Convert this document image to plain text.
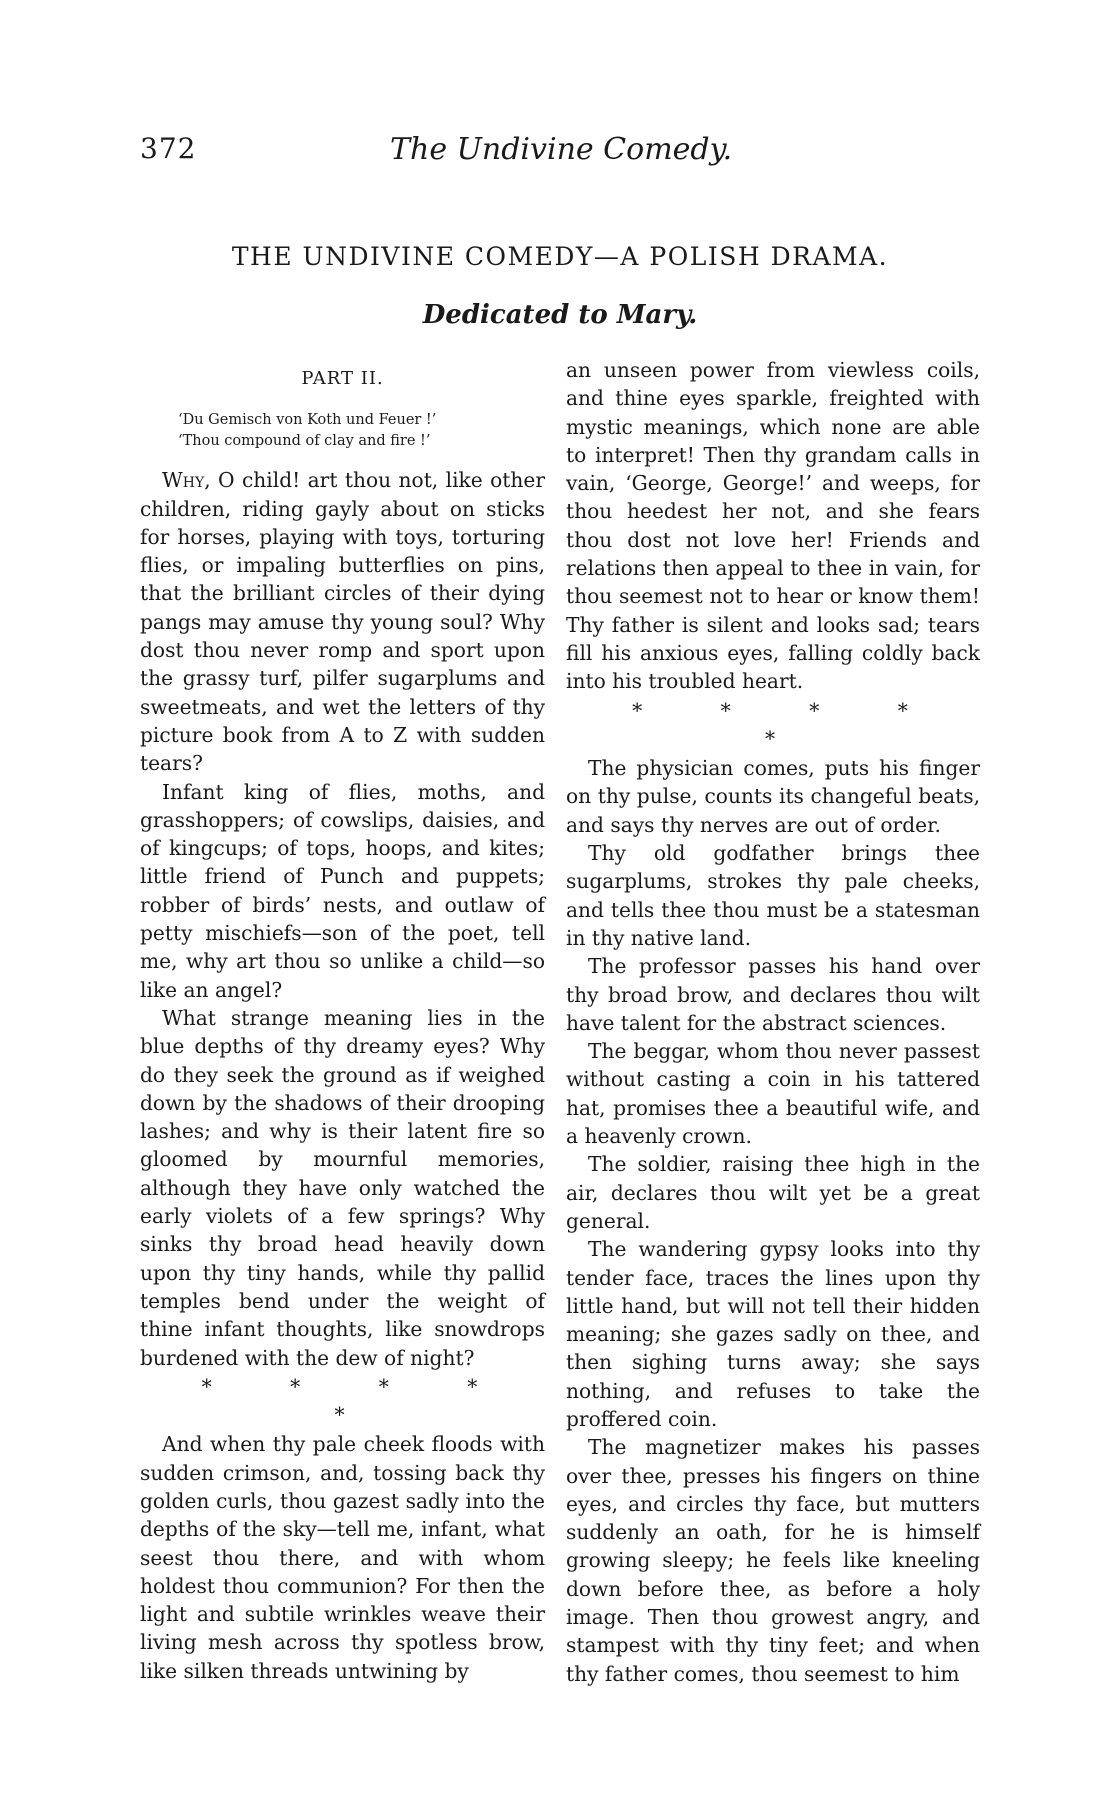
372	The Undivine Comedy.
THE UNDIVINE COMEDY—A POLISH DRAMA.
Dedicated to Mary.
PART II.
‘Du Gemisch von Koth und Feuer !’
‘Thou compound of clay and fire !’

Why, O child! art thou not, like other children, riding gayly about on sticks for horses, playing with toys, torturing flies, or impaling butterflies on pins, that the brilliant circles of their dying pangs may amuse thy young soul? Why dost thou never romp and sport upon the grassy turf, pilfer sugarplums and sweetmeats, and wet the letters of thy picture book from A to Z with sudden tears?

Infant king of flies, moths, and grasshoppers; of cowslips, daisies, and of kingcups; of tops, hoops, and kites; little friend of Punch and puppets; robber of birds’ nests, and outlaw of petty mischiefs—son of the poet, tell me, why art thou so unlike a child—so like an angel?

What strange meaning lies in the blue depths of thy dreamy eyes? Why do they seek the ground as if weighed down by the shadows of their drooping lashes; and why is their latent fire so gloomed by mournful memories, although they have only watched the early violets of a few springs? Why sinks thy broad head heavily down upon thy tiny hands, while thy pallid temples bend under the weight of thine infant thoughts, like snowdrops burdened with the dew of night?

* * * * *

And when thy pale cheek floods with sudden crimson, and, tossing back thy golden curls, thou gazest sadly into the depths of the sky—tell me, infant, what seest thou there, and with whom holdest thou communion? For then the light and subtile wrinkles weave their living mesh across thy spotless brow, like silken threads untwining by

an unseen power from viewless coils, and thine eyes sparkle, freighted with mystic meanings, which none are able to interpret! Then thy grandam calls in vain, ‘George, George!’ and weeps, for thou heedest her not, and she fears thou dost not love her! Friends and relations then appeal to thee in vain, for thou seemest not to hear or know them! Thy father is silent and looks sad; tears fill his anxious eyes, falling coldly back into his troubled heart.

* * * * *

The physician comes, puts his finger on thy pulse, counts its changeful beats, and says thy nerves are out of order.

Thy old godfather brings thee sugarplums, strokes thy pale cheeks, and tells thee thou must be a statesman in thy native land.

The professor passes his hand over thy broad brow, and declares thou wilt have talent for the abstract sciences.

The beggar, whom thou never passest without casting a coin in his tattered hat, promises thee a beautiful wife, and a heavenly crown.

The soldier, raising thee high in the air, declares thou wilt yet be a great general.

The wandering gypsy looks into thy tender face, traces the lines upon thy little hand, but will not tell their hidden meaning; she gazes sadly on thee, and then sighing turns away; she says nothing, and refuses to take the proffered coin.

The magnetizer makes his passes over thee, presses his fingers on thine eyes, and circles thy face, but mutters suddenly an oath, for he is himself growing sleepy; he feels like kneeling down before thee, as before a holy image. Then thou growest angry, and stampest with thy tiny feet; and when thy father comes, thou seemest to him
